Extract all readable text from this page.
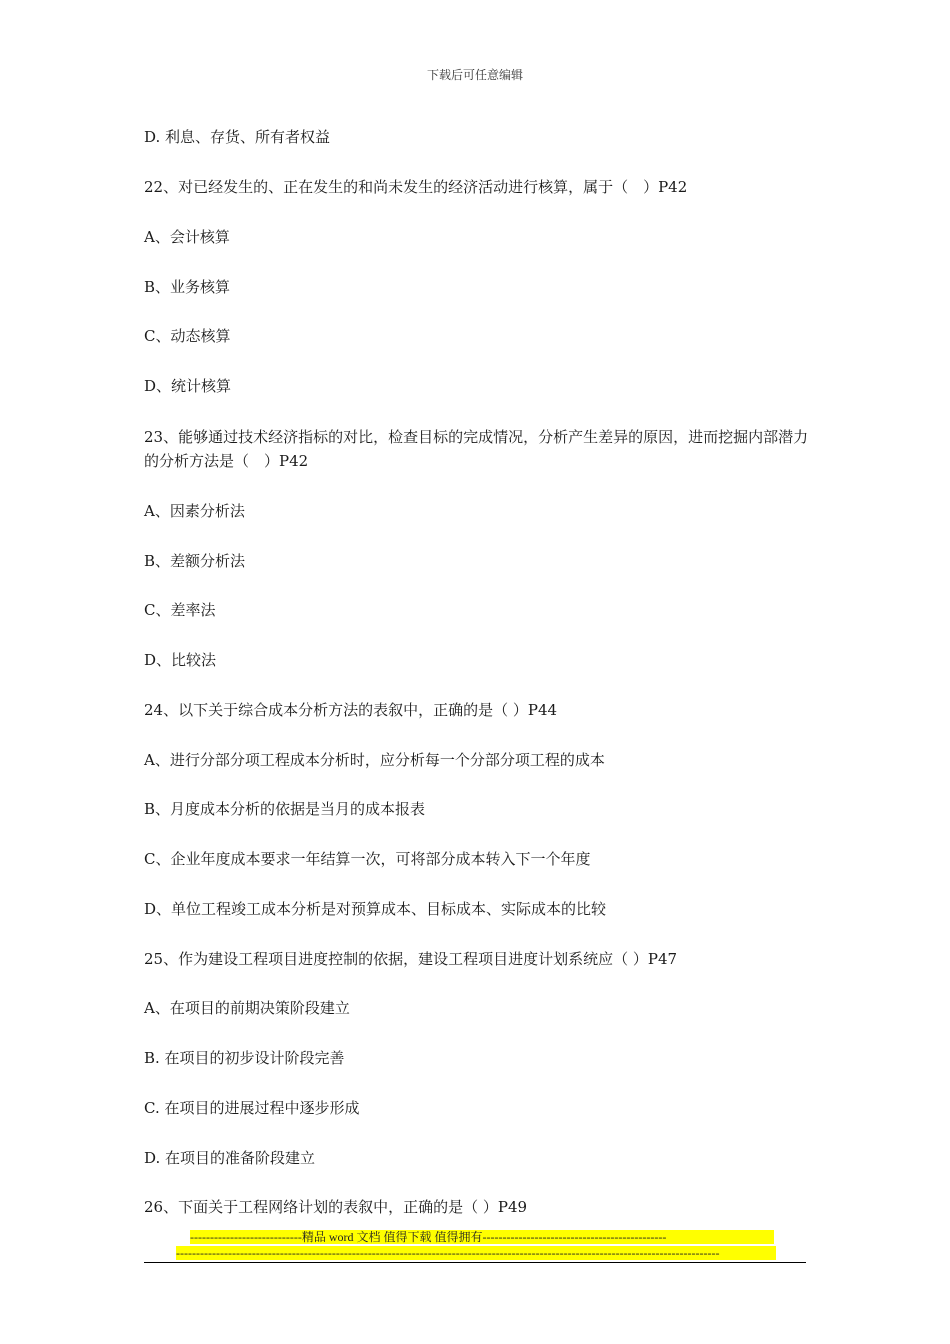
下载后可任意编辑
D. 利息、存货、所有者权益
22、对已经发生的、正在发生的和尚未发生的经济活动进行核算，属于（　）P42
A、会计核算
B、业务核算
C、动态核算
D、统计核算
23、能够通过技术经济指标的对比，检查目标的完成情况，分析产生差异的原因，进而挖掘内部潜力的分析方法是（　）P42
A、因素分析法
B、差额分析法
C、差率法
D、比较法
24、以下关于综合成本分析方法的表叙中，正确的是（ ）P44
A、进行分部分项工程成本分析时，应分析每一个分部分项工程的成本
B、月度成本分析的依据是当月的成本报表
C、企业年度成本要求一年结算一次，可将部分成本转入下一个年度
D、单位工程竣工成本分析是对预算成本、目标成本、实际成本的比较
25、作为建设工程项目进度控制的依据，建设工程项目进度计划系统应（ ）P47
A、在项目的前期决策阶段建立
B. 在项目的初步设计阶段完善
C. 在项目的进展过程中逐步形成
D. 在项目的准备阶段建立
26、下面关于工程网络计划的表叙中，正确的是（ ）P49
----------------------------精品 word 文档 值得下载 值得拥有----------------------------------------------
----------------------------------------------------------------------------------------------------------------------------------------
